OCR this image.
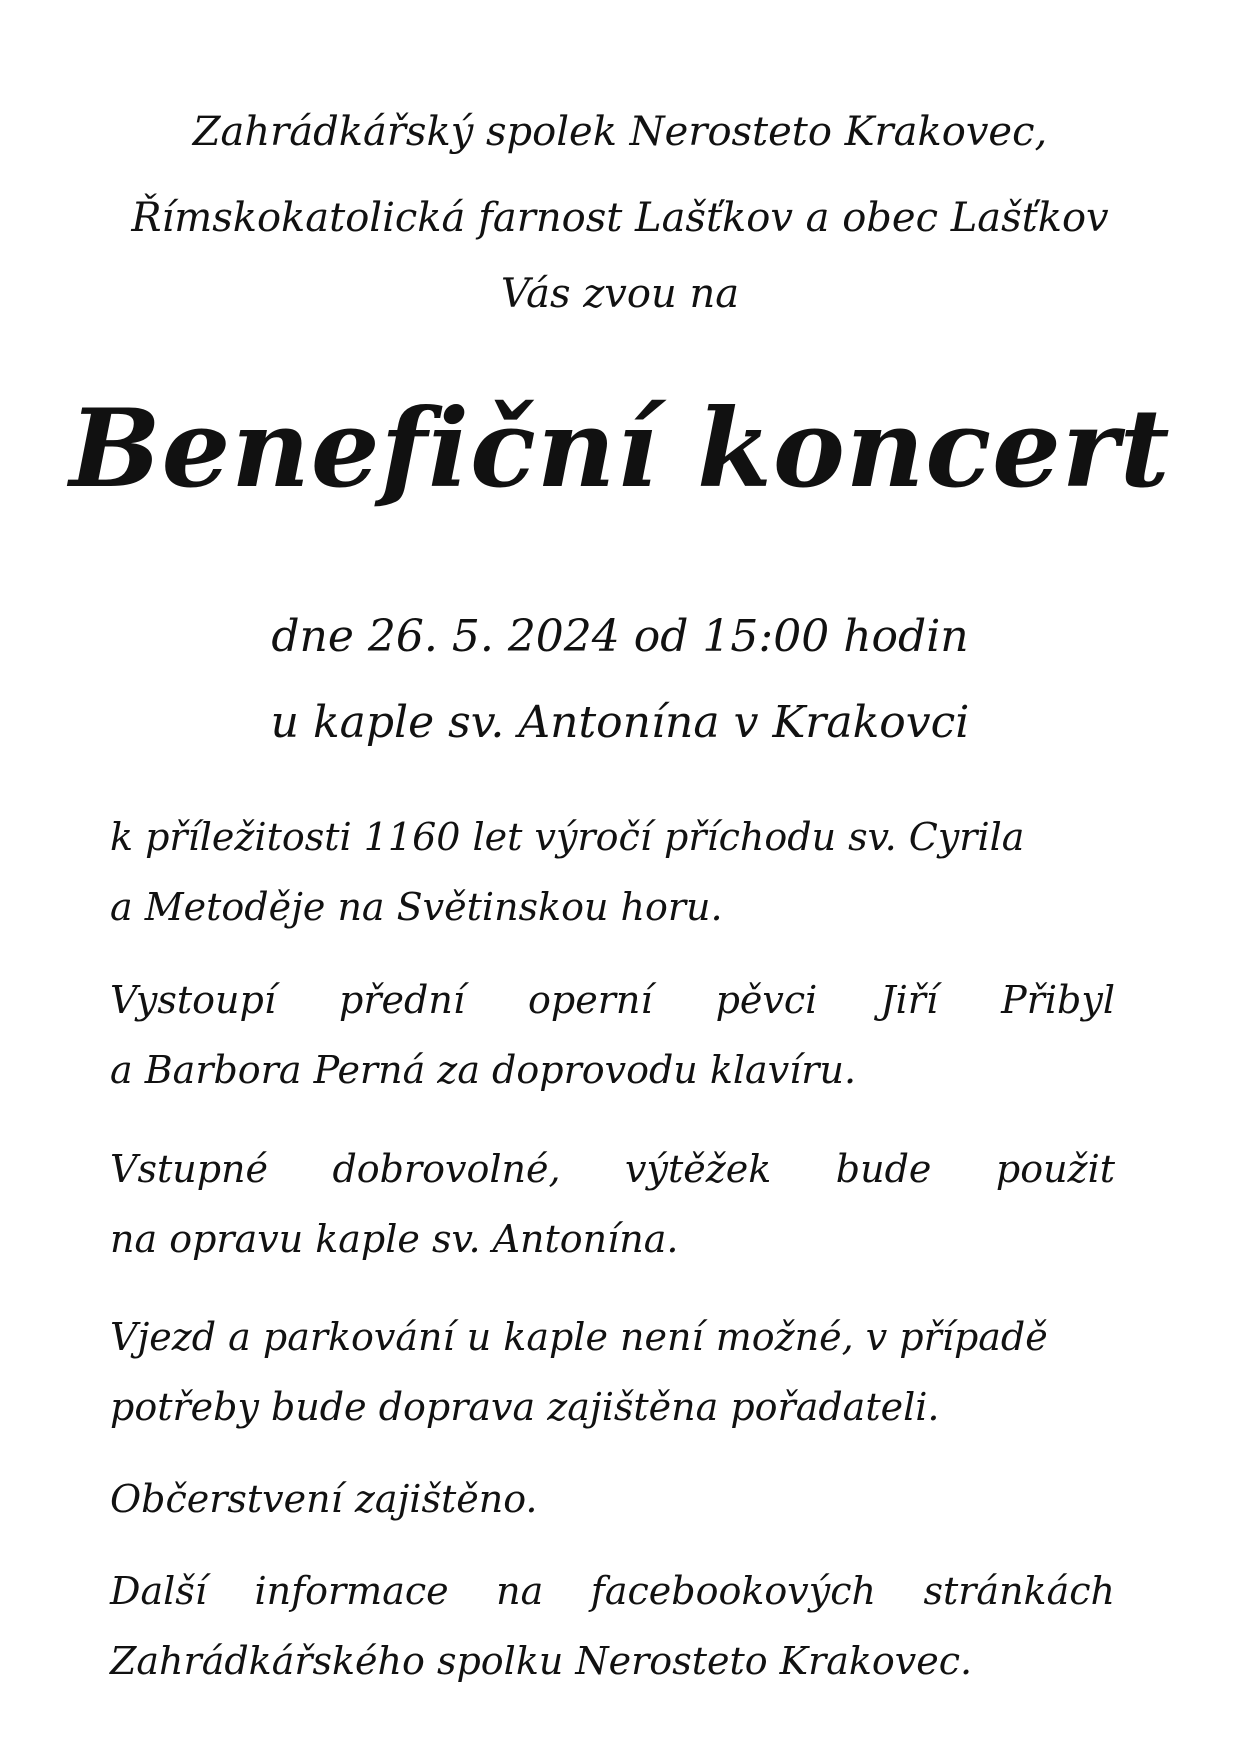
Zahrádkářský spolek Nerosteto Krakovec,
Římskokatolická farnost Lašťkov a obec Lašťkov
Vás zvou na
Benefiční koncert
dne 26. 5. 2024 od 15:00 hodin
u kaple sv. Antonína v Krakovci
k příležitosti 1160 let výročí příchodu sv. Cyrila
a Metoděje na Světinskou horu.
Vystoupí přední operní pěvci Jiří Přibyl
a Barbora Perná za doprovodu klavíru.
Vstupné dobrovolné, výtěžek bude použit
na opravu kaple sv. Antonína.
Vjezd a parkování u kaple není možné, v případě
potřeby bude doprava zajištěna pořadateli.
Občerstvení zajištěno.
Další informace na facebookových stránkách
Zahrádkářského spolku Nerosteto Krakovec.
